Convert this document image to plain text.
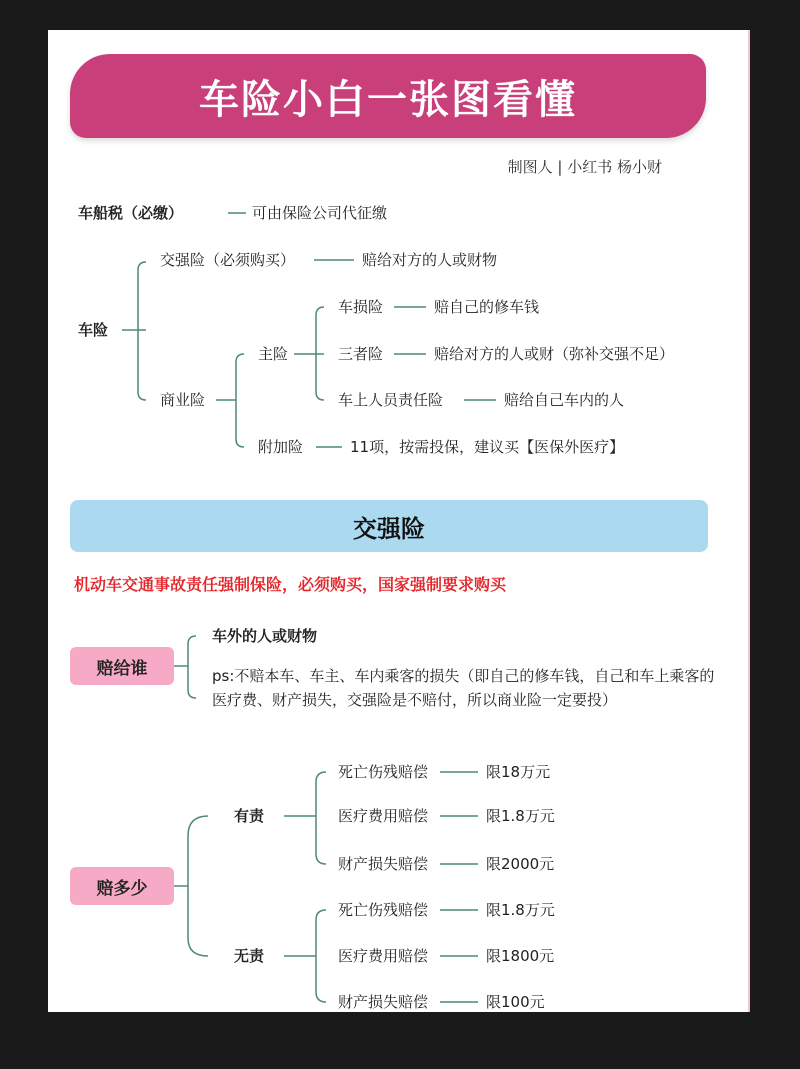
车险小白一张图看懂
制图人 | 小红书 杨小财
车船税（必缴）	可由保险公司代征缴
车险
交强险（必须购买）	赔给对方的人或财物
商业险
主险
车损险	赔自己的修车钱
三者险	赔给对方的人或财（弥补交强不足）
车上人员责任险	赔给自己车内的人
附加险	11项，按需投保，建议买【医保外医疗】
交强险
机动车交通事故责任强制保险，必须购买，国家强制要求购买
赔给谁
车外的人或财物
ps:不赔本车、车主、车内乘客的损失（即自己的修车钱，自己和车上乘客的医疗费、财产损失，交强险是不赔付，所以商业险一定要投）
赔多少
有责
死亡伤残赔偿	限18万元
医疗费用赔偿	限1.8万元
财产损失赔偿	限2000元
无责
死亡伤残赔偿	限1.8万元
医疗费用赔偿	限1800元
财产损失赔偿	限100元
